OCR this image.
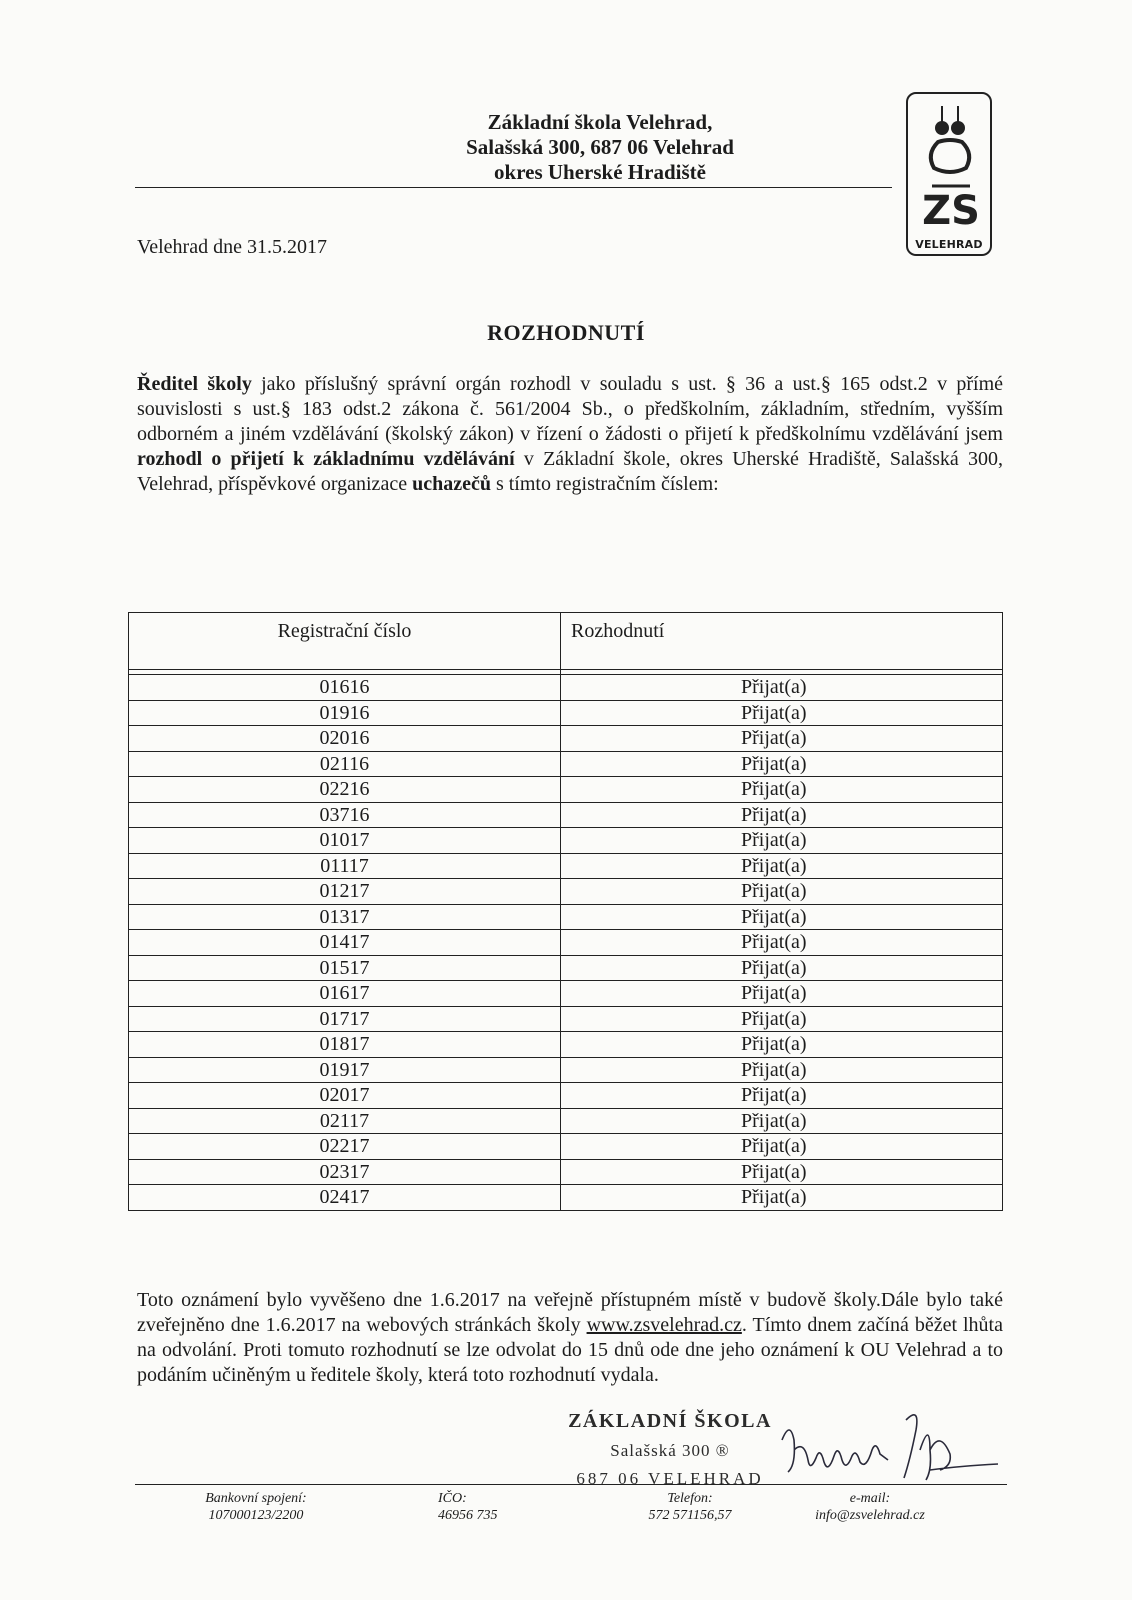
Základní škola Velehrad,
Salašská 300, 687 06 Velehrad
okres Uherské Hradiště
ZS
VELEHRAD
Velehrad dne 31.5.2017
ROZHODNUTÍ

Ředitel školy jako příslušný správní orgán rozhodl v souladu s ust. § 36 a ust.§ 165 odst.2 v přímé souvislosti s ust.§ 183 odst.2 zákona č. 561/2004 Sb., o předškolním, základním, středním, vyšším odborném a jiném vzdělávání (školský zákon) v řízení o žádosti o přijetí k předškolnímu vzdělávání jsem rozhodl o přijetí k základnímu vzdělávání v Základní škole, okres Uherské Hradiště, Salašská 300, Velehrad, příspěvkové organizace uchazečů s tímto registračním číslem:

Registrační číslo	Rozhodnutí

01616	Přijat(a)
01916	Přijat(a)
02016	Přijat(a)
02116	Přijat(a)
02216	Přijat(a)
03716	Přijat(a)
01017	Přijat(a)
01117	Přijat(a)
01217	Přijat(a)
01317	Přijat(a)
01417	Přijat(a)
01517	Přijat(a)
01617	Přijat(a)
01717	Přijat(a)
01817	Přijat(a)
01917	Přijat(a)
02017	Přijat(a)
02117	Přijat(a)
02217	Přijat(a)
02317	Přijat(a)
02417	Přijat(a)

Toto oznámení bylo vyvěšeno dne 1.6.2017 na veřejně přístupném místě v budově školy.Dále bylo také zveřejněno dne 1.6.2017 na webových stránkách školy www.zsvelehrad.cz. Tímto dnem začíná běžet lhůta na odvolání. Proti tomuto rozhodnutí se lze odvolat do 15 dnů ode dne jeho oznámení k OU Velehrad a to podáním učiněným u ředitele školy, která toto rozhodnutí vydala.

ZÁKLADNÍ ŠKOLA
Salašská 300 ®
687 06 VELEHRAD
Bankovní spojení:
107000123/2200
IČO:
46956 735
Telefon:
572 571156,57
e-mail:
info@zsvelehrad.cz
